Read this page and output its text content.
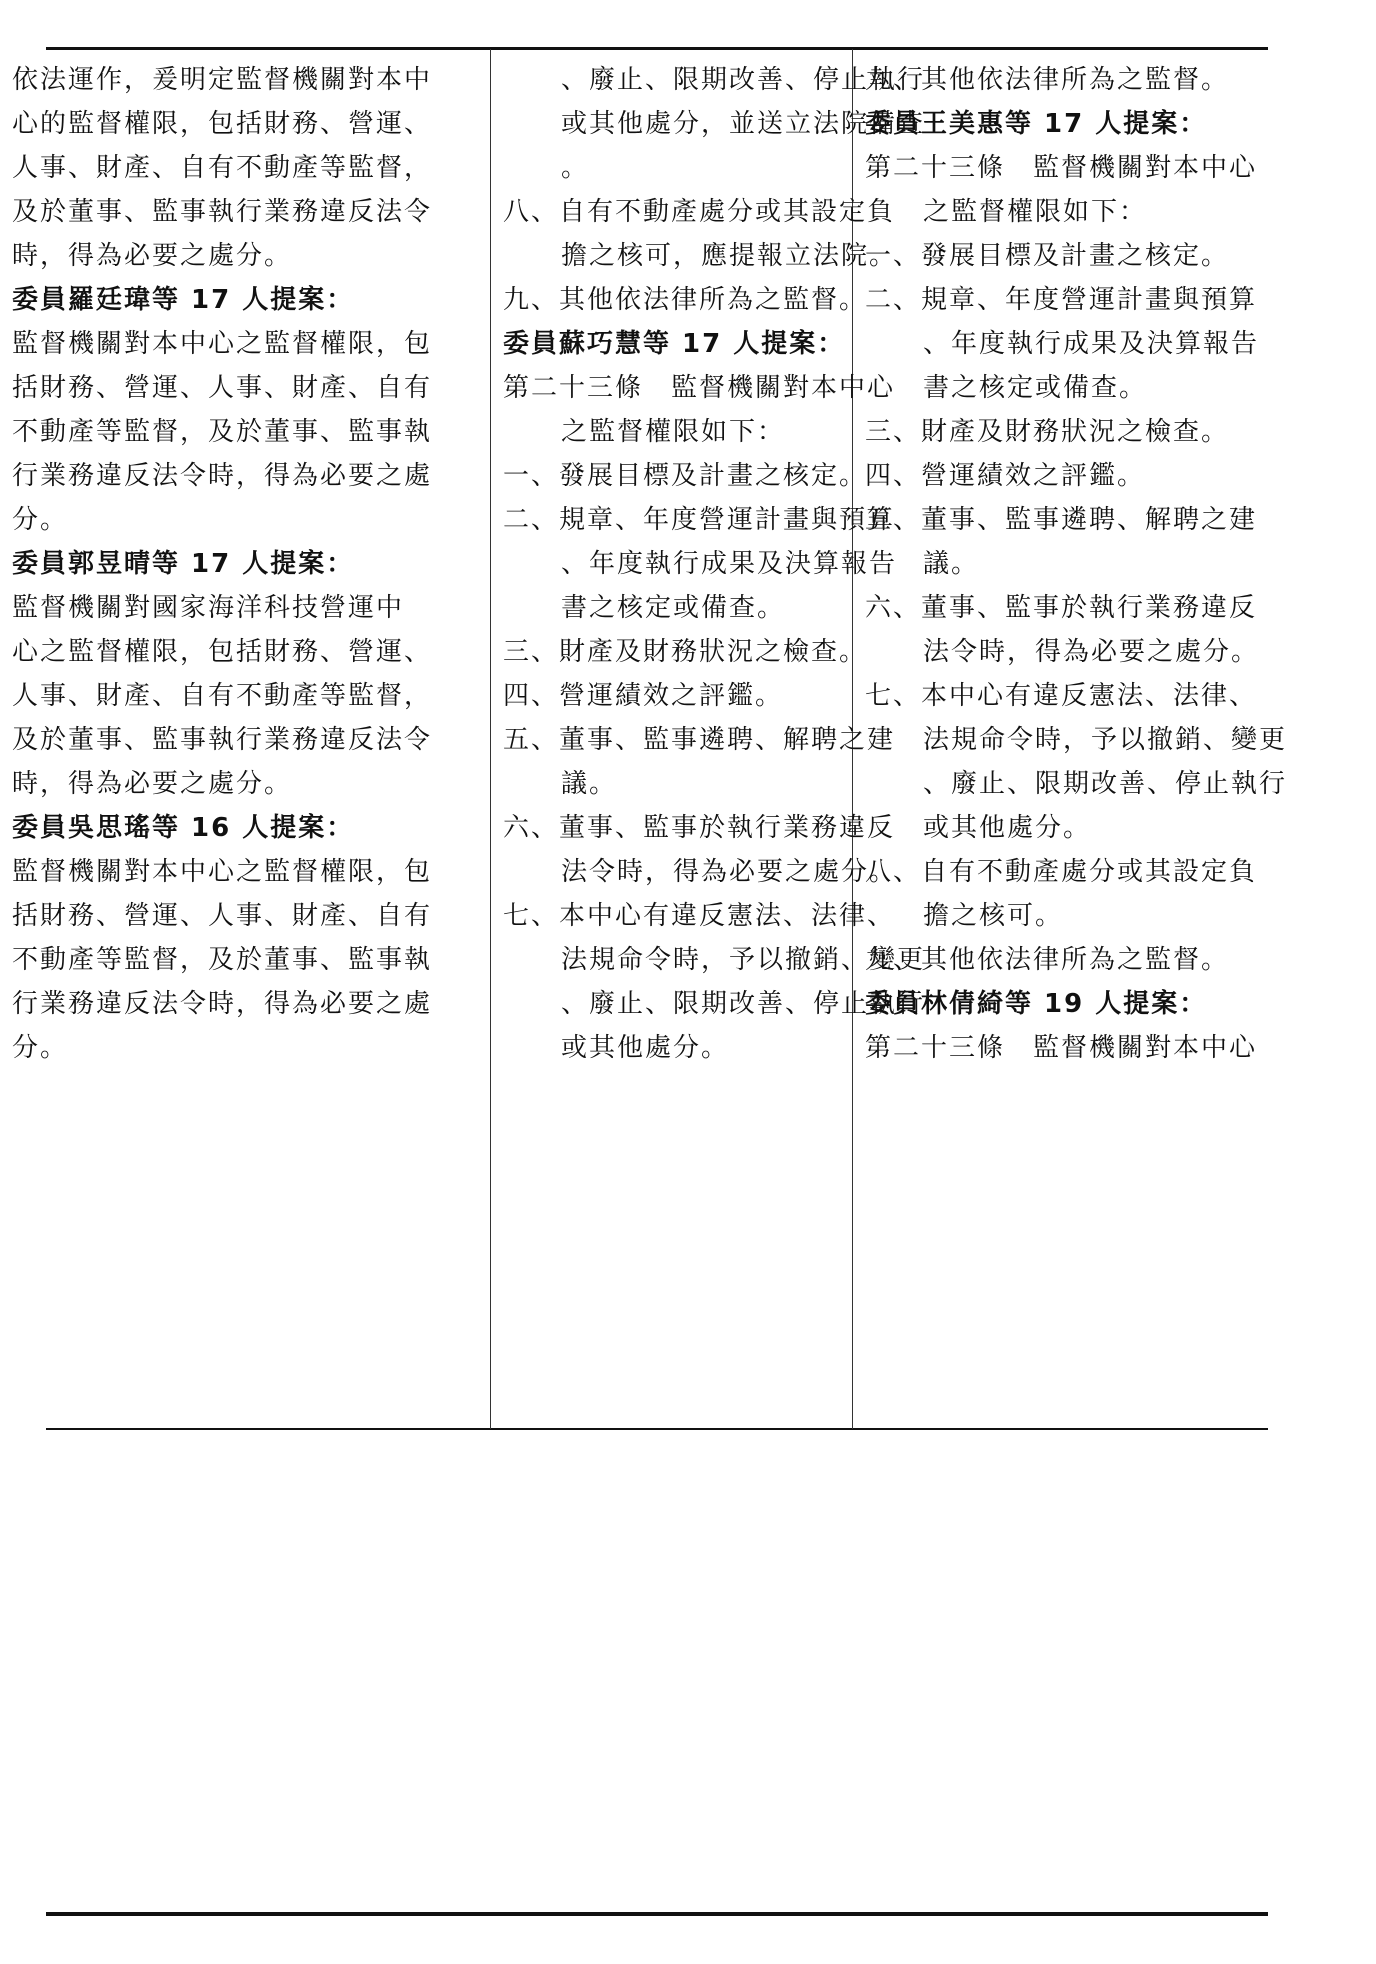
依法運作，爰明定監督機關對本中
心的監督權限，包括財務、營運、
人事、財產、自有不動產等監督，
及於董事、監事執行業務違反法令
時，得為必要之處分。
委員羅廷瑋等 17 人提案：
監督機關對本中心之監督權限，包
括財務、營運、人事、財產、自有
不動產等監督，及於董事、監事執
行業務違反法令時，得為必要之處
分。
委員郭昱晴等 17 人提案：
監督機關對國家海洋科技營運中
心之監督權限，包括財務、營運、
人事、財產、自有不動產等監督，
及於董事、監事執行業務違反法令
時，得為必要之處分。
委員吳思瑤等 16 人提案：
監督機關對本中心之監督權限，包
括財務、營運、人事、財產、自有
不動產等監督，及於董事、監事執
行業務違反法令時，得為必要之處
分。
、廢止、限期改善、停止執行
或其他處分，並送立法院備查
。
八、自有不動產處分或其設定負
擔之核可，應提報立法院。
九、其他依法律所為之監督。
委員蘇巧慧等 17 人提案：
第二十三條　監督機關對本中心
之監督權限如下：
一、發展目標及計畫之核定。
二、規章、年度營運計畫與預算
、年度執行成果及決算報告
書之核定或備查。
三、財產及財務狀況之檢查。
四、營運績效之評鑑。
五、董事、監事遴聘、解聘之建
議。
六、董事、監事於執行業務違反
法令時，得為必要之處分。
七、本中心有違反憲法、法律、
法規命令時，予以撤銷、變更
、廢止、限期改善、停止執行
或其他處分。
九、其他依法律所為之監督。
委員王美惠等 17 人提案：
第二十三條　監督機關對本中心
之監督權限如下：
一、發展目標及計畫之核定。
二、規章、年度營運計畫與預算
、年度執行成果及決算報告
書之核定或備查。
三、財產及財務狀況之檢查。
四、營運績效之評鑑。
五、董事、監事遴聘、解聘之建
議。
六、董事、監事於執行業務違反
法令時，得為必要之處分。
七、本中心有違反憲法、法律、
法規命令時，予以撤銷、變更
、廢止、限期改善、停止執行
或其他處分。
八、自有不動產處分或其設定負
擔之核可。
九、其他依法律所為之監督。
委員林倩綺等 19 人提案：
第二十三條　監督機關對本中心
